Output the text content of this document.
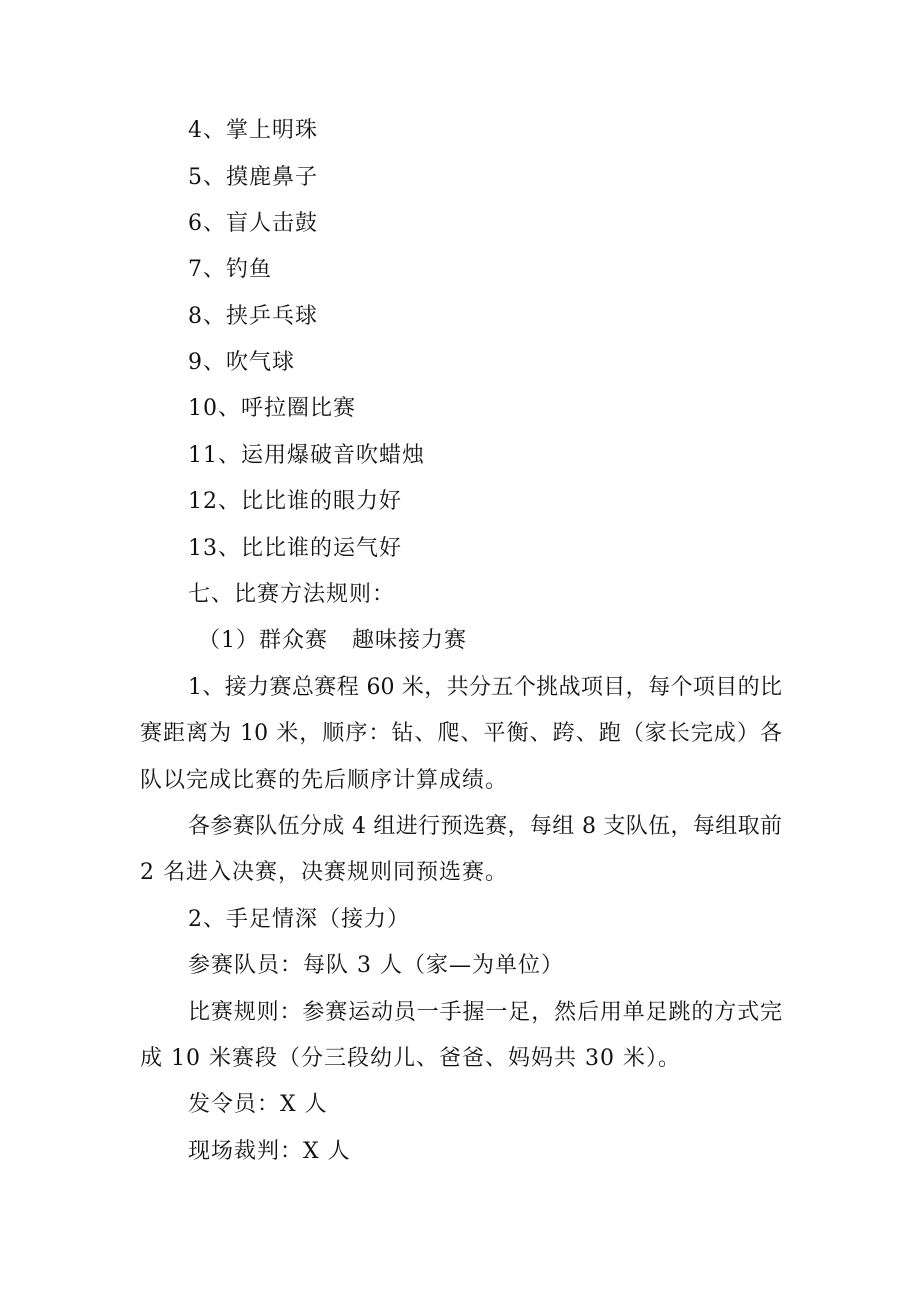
4、掌上明珠
5、摸鹿鼻子
6、盲人击鼓
7、钓鱼
8、挟乒乓球
9、吹气球
10、呼拉圈比赛
11、运用爆破音吹蜡烛
12、比比谁的眼力好
13、比比谁的运气好
七、比赛方法规则：
（1）群众赛   趣味接力赛
1、接力赛总赛程 60 米，共分五个挑战项目，每个项目的比
赛距离为 10 米，顺序：钻、爬、平衡、跨、跑（家长完成）各
队以完成比赛的先后顺序计算成绩。
各参赛队伍分成 4 组进行预选赛，每组 8 支队伍，每组取前
2 名进入决赛，决赛规则同预选赛。
2、手足情深（接力）
参赛队员：每队 3 人（家—为单位）
比赛规则：参赛运动员一手握一足，然后用单足跳的方式完
成 10 米赛段（分三段幼儿、爸爸、妈妈共 30 米）。
发令员：X 人
现场裁判：X 人
